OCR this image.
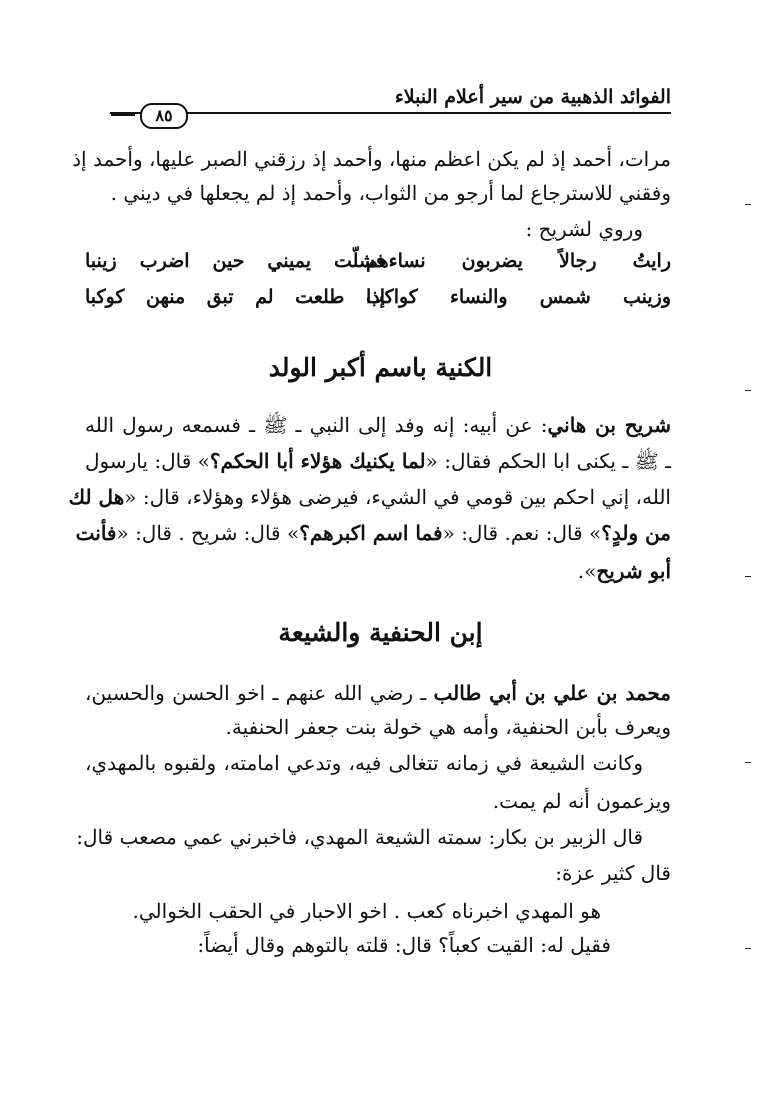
الفوائد الذهبية من سير أعلام النبلاء
٨٥
مرات، أحمد إذ لم يكن اعظم منها، وأحمد إذ رزقني الصبر عليها، وأحمد إذ
وفقني للاسترجاع لما أرجو من الثواب، وأحمد إذ لم يجعلها في ديني .
وروي لشريح :
رايتُ رجالاً يضربون نساءهم
فشلّت يميني حين اضرب زينبا
وزينب شمس والنساء كواكب
إذا طلعت لم تبق منهن كوكبا
الكنية باسم أكبر الولد
شريح بن هاني: عن أبيه: إنه وفد إلى النبي ـ ﷺ ـ فسمعه رسول الله
ـ ﷺ ـ يكنى ابا الحكم فقال: «لما يكنيك هؤلاء أبا الحكم؟» قال: يارسول
الله، إني احكم بين قومي في الشيء، فيرضى هؤلاء وهؤلاء، قال: «هل لك
من ولدٍ؟» قال: نعم. قال: «فما اسم اكبرهم؟» قال: شريح . قال: «فأنت
أبو شريح».
إبن الحنفية والشيعة
محمد بن علي بن أبي طالب ـ رضي الله عنهم ـ اخو الحسن والحسين،
ويعرف بأبن الحنفية، وأمه هي خولة بنت جعفر الحنفية.
وكانت الشيعة في زمانه تتغالى فيه، وتدعي امامته، ولقبوه بالمهدي،
ويزعمون أنه لم يمت.
قال الزبير بن بكار: سمته الشيعة المهدي، فاخبرني عمي مصعب قال:
قال كثير عزة:
هو المهدي اخبرناه كعب . اخو الاحبار في الحقب الخوالي.
فقيل له: القيت كعباً؟ قال: قلته بالتوهم وقال أيضاً:
